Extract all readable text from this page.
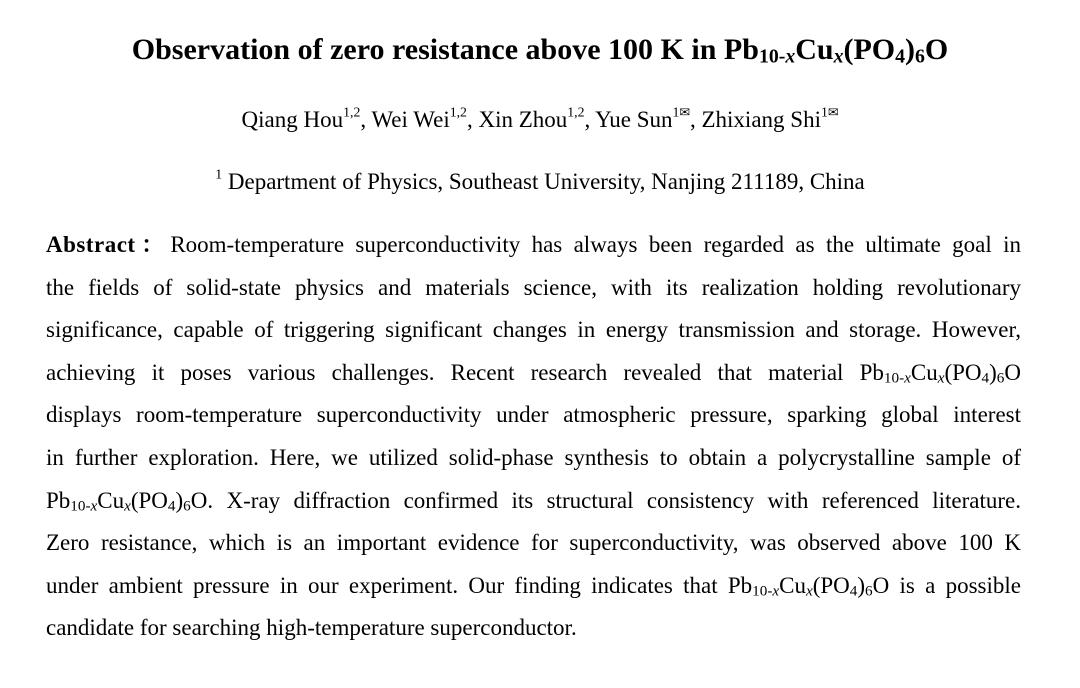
Observation of zero resistance above 100 K in $Pb_{10-x}Cu_x(PO_4)_6O$
Qiang Hou$^{1,2}$, Wei Wei$^{1,2}$, Xin Zhou$^{1,2}$, Yue Sun$^{1✉}$, Zhixiang Shi$^{1✉}$
$^1$ Department of Physics, Southeast University, Nanjing 211189, China
Abstract：Room-temperature superconductivity has always been regarded as the ultimate goal in
the fields of solid-state physics and materials science, with its realization holding revolutionary
significance, capable of triggering significant changes in energy transmission and storage. However,
achieving it poses various challenges. Recent research revealed that material $Pb_{10-x}Cu_x(PO_4)_6O$
displays room-temperature superconductivity under atmospheric pressure, sparking global interest
in further exploration. Here, we utilized solid-phase synthesis to obtain a polycrystalline sample of
$Pb_{10-x}Cu_x(PO_4)_6O$. X-ray diffraction confirmed its structural consistency with referenced literature.
Zero resistance, which is an important evidence for superconductivity, was observed above 100 K
under ambient pressure in our experiment. Our finding indicates that $Pb_{10-x}Cu_x(PO_4)_6O$ is a possible
candidate for searching high-temperature superconductor.
